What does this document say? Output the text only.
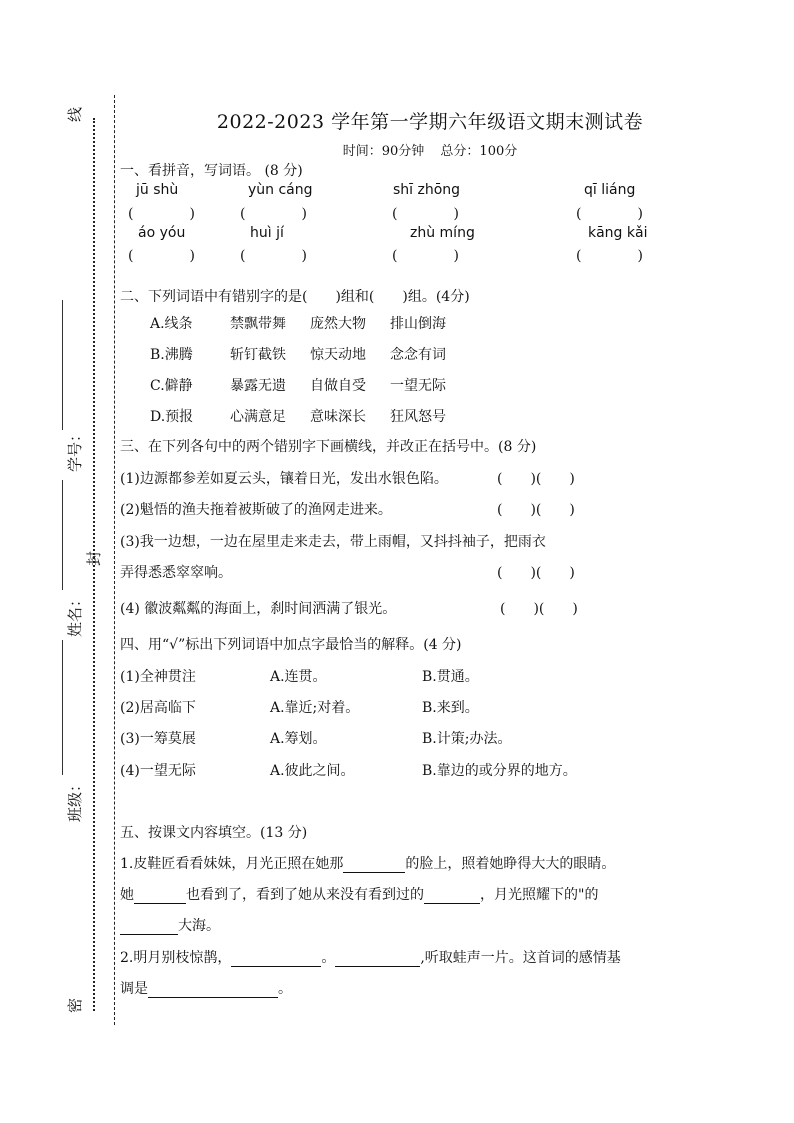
线
封
密
学号：
姓名：
班级：
2022-2023 学年第一学期六年级语文期末测试卷
时间：90分钟 总分：100分
一、看拼音，写词语。 (8 分)
jū shù	yùn cáng	shī zhōng	qī liáng
(　　　　)	(　　　　)	(　　　　)	(　　　　)
áo yóu	huì jí	zhù míng	kāng kǎi
(　　　　)	(　　　　)	(　　　　)	(　　　　)
二、下列词语中有错别字的是(　　)组和(　　)组。(4分)
A.线条	禁飘带舞 庞然大物 排山倒海
B.沸腾	斩钉截铁 惊天动地 念念有词
C.僻静	暴露无遗 自做自受 一望无际
D.预报	心满意足 意味深长 狂风怒号
三、在下列各句中的两个错别字下画横线，并改正在括号中。(8 分)
(1)边源都参差如夏云头，镶着日光，发出水银色陷。	(　　)(　　)
(2)魁悟的渔夫拖着被斯破了的渔网走进来。	(　　)(　　)
(3)我一边想，一边在屋里走来走去，带上雨帽，又抖抖袖子，把雨衣
弄得悉悉窣窣响。	(　　)(　　)
(4) 徽波粼粼的海面上，刹时间洒满了银光。	(　　)(　　)
四、用“√”标出下列词语中加点字最恰当的解释。(4 分)
(1)全神贯注	A.连贯。	B.贯通。
(2)居高临下	A.靠近;对着。	B.来到。
(3)一筹莫展	A.筹划。	B.计策;办法。
(4)一望无际	A.彼此之间。	B.靠边的或分界的地方。
五、按课文内容填空。(13 分)
1.皮鞋匠看看妹妹，月光正照在她那	的脸上，照着她睁得大大的眼睛。
她	也看到了，看到了她从来没有看到过的	，月光照耀下的"的
大海。
2.明月别枝惊鹊，	。	,听取蛙声一片。这首词的感情基
调是	。
